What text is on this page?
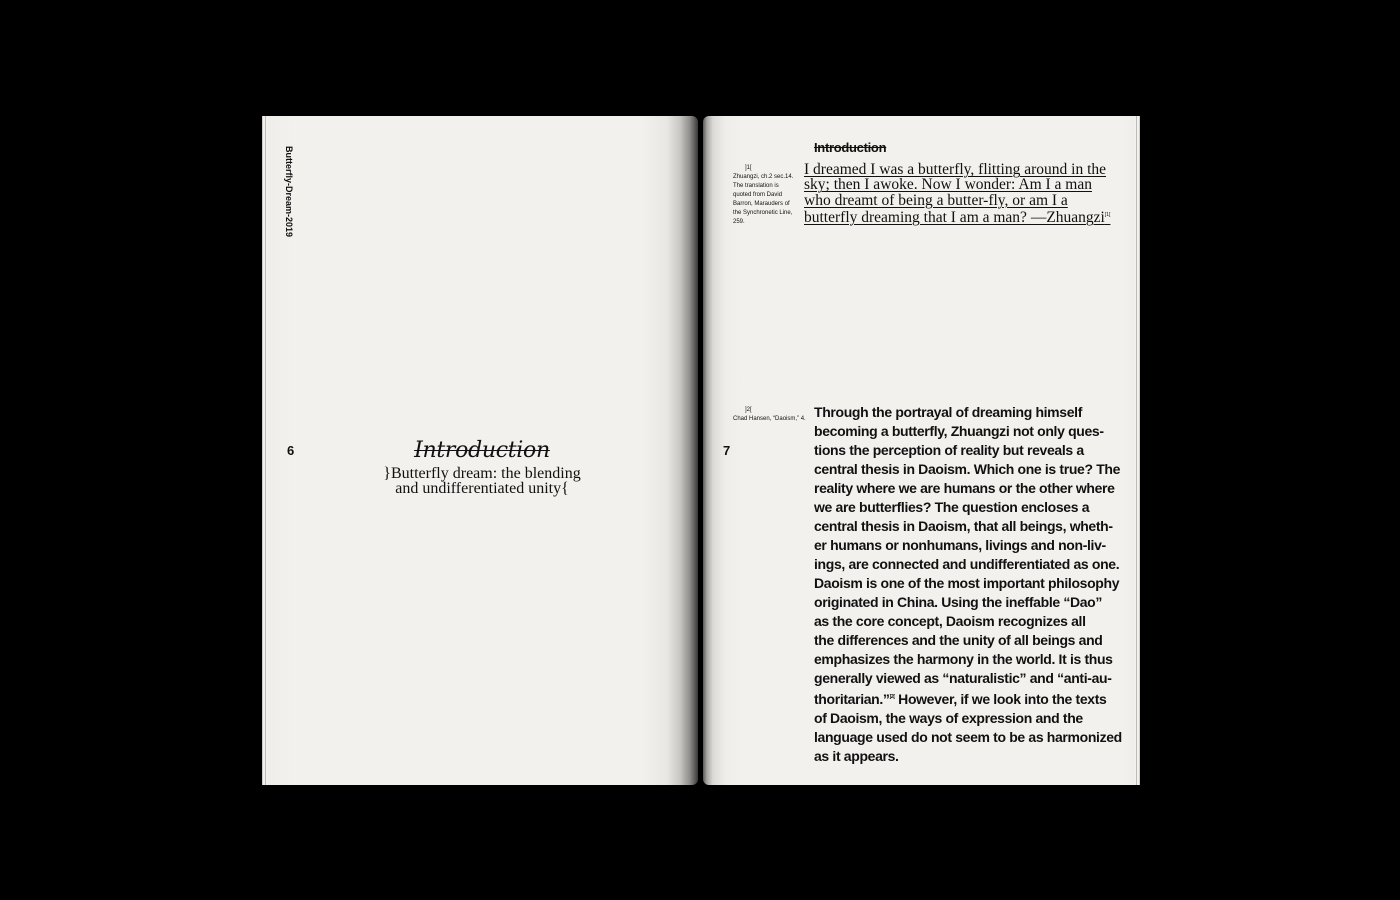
Butterfly-Dream-2019
6	Introduction
}Butterfly dream: the blending
and undifferentiated unity{
Introduction
]1[
Zhuangzi, ch.2 sec.14. The translation is quoted from David Barron, Marauders of the Synchronetic Line, 259.
I dreamed I was a butterfly, flitting around in the sky; then I awoke. Now I wonder: Am I a man who dreamt of being a butter-fly, or am I a butterfly dreaming that I am a man? —Zhuangzi$^{]1[}$
7
]2[
Chad Hansen, “Daoism,” 4. Through the portrayal of dreaming himself
becoming a butterfly, Zhuangzi not only ques-
tions the perception of reality but reveals a
central thesis in Daoism. Which one is true? The
reality where we are humans or the other where
we are butterflies? The question encloses a
central thesis in Daoism, that all beings, wheth-
er humans or nonhumans, livings and non-liv-
ings, are connected and undifferentiated as one.
Daoism is one of the most important philosophy
originated in China. Using the ineffable “Dao”
as the core concept, Daoism recognizes all
the differences and the unity of all beings and
emphasizes the harmony in the world. It is thus
generally viewed as “naturalistic” and “anti-au-
thoritarian.”$^{]2[}$ However, if we look into the texts
of Daoism, the ways of expression and the
language used do not seem to be as harmonized
as it appears.
